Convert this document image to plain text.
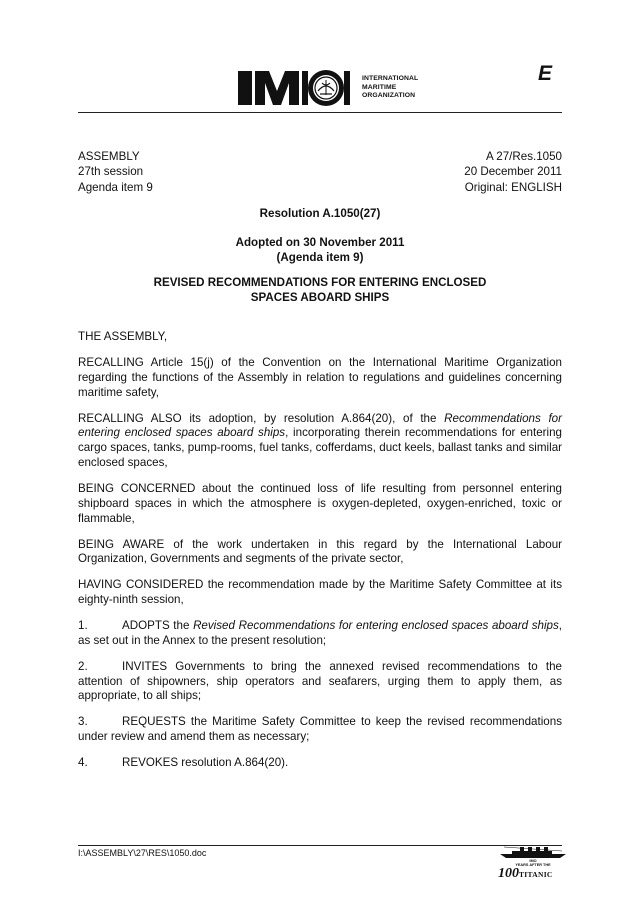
INTERNATIONAL
MARITIME
ORGANIZATION
E
ASSEMBLY
27th session
Agenda item 9
A 27/Res.1050
20 December 2011
Original: ENGLISH
Resolution A.1050(27)
Adopted on 30 November 2011
(Agenda item 9)
REVISED RECOMMENDATIONS FOR ENTERING ENCLOSED
SPACES ABOARD SHIPS

THE ASSEMBLY,

RECALLING Article 15(j) of the Convention on the International Maritime Organization regarding the functions of the Assembly in relation to regulations and guidelines concerning maritime safety,

RECALLING ALSO its adoption, by resolution A.864(20), of the Recommendations for entering enclosed spaces aboard ships, incorporating therein recommendations for entering cargo spaces, tanks, pump-rooms, fuel tanks, cofferdams, duct keels, ballast tanks and similar enclosed spaces,

BEING CONCERNED about the continued loss of life resulting from personnel entering shipboard spaces in which the atmosphere is oxygen-depleted, oxygen-enriched, toxic or flammable,

BEING AWARE of the work undertaken in this regard by the International Labour Organization, Governments and segments of the private sector,

HAVING CONSIDERED the recommendation made by the Maritime Safety Committee at its eighty-ninth session,

1.	ADOPTS the Revised Recommendations for entering enclosed spaces aboard ships, as set out in the Annex to the present resolution;

2.	INVITES Governments to bring the annexed revised recommendations to the attention of shipowners, ship operators and seafarers, urging them to apply them, as appropriate, to all ships;

3.	REQUESTS the Maritime Safety Committee to keep the revised recommendations under review and amend them as necessary;

4.	REVOKES resolution A.864(20).

I:\ASSEMBLY\27\RES\1050.doc
IMO
YEARS AFTER THE
100TITANIC
